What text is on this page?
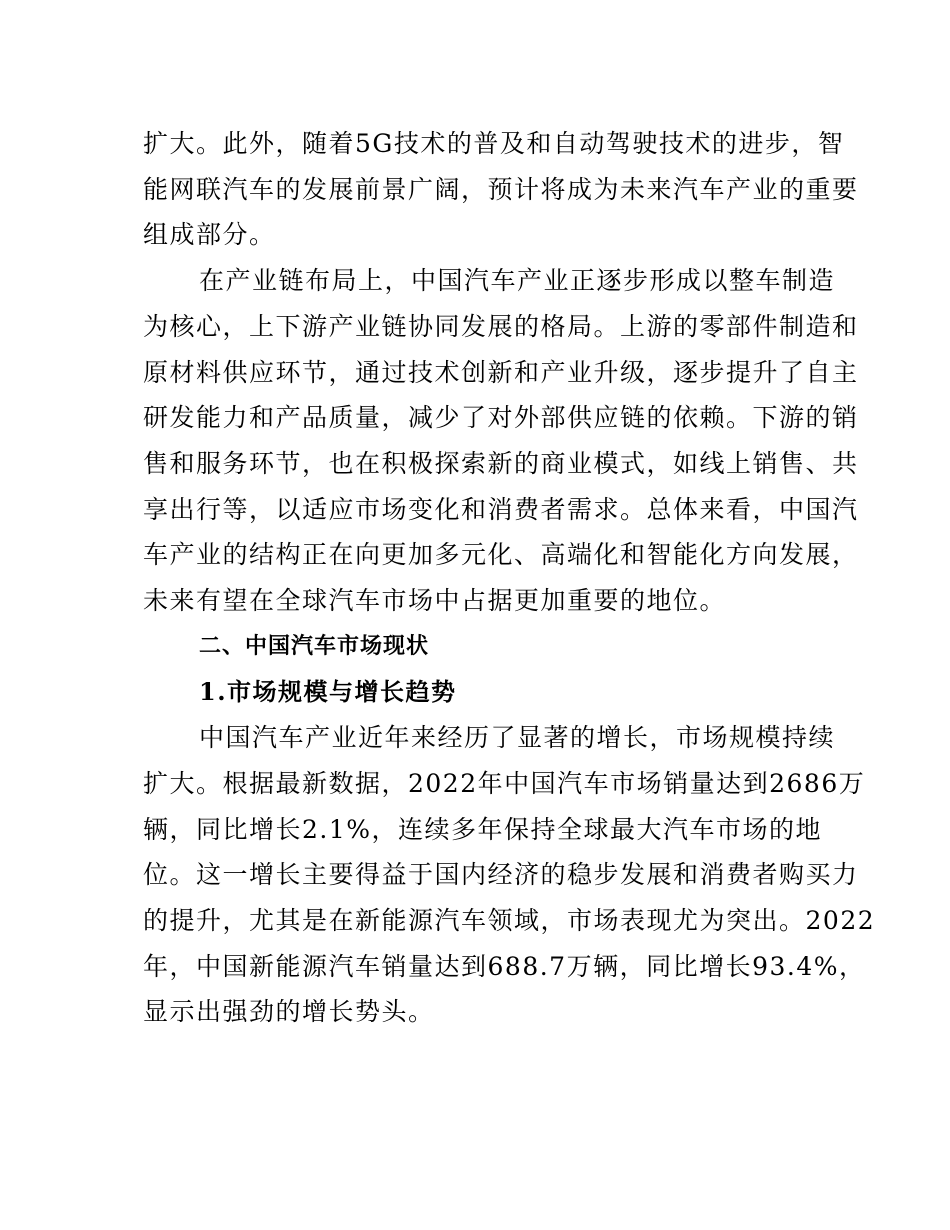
扩大。此外，随着5G技术的普及和自动驾驶技术的进步，智
能网联汽车的发展前景广阔，预计将成为未来汽车产业的重要
组成部分。
在产业链布局上，中国汽车产业正逐步形成以整车制造
为核心，上下游产业链协同发展的格局。上游的零部件制造和
原材料供应环节，通过技术创新和产业升级，逐步提升了自主
研发能力和产品质量，减少了对外部供应链的依赖。下游的销
售和服务环节，也在积极探索新的商业模式，如线上销售、共
享出行等，以适应市场变化和消费者需求。总体来看，中国汽
车产业的结构正在向更加多元化、高端化和智能化方向发展，
未来有望在全球汽车市场中占据更加重要的地位。
二、中国汽车市场现状
1.市场规模与增长趋势
中国汽车产业近年来经历了显著的增长，市场规模持续
扩大。根据最新数据，2022年中国汽车市场销量达到2686万
辆，同比增长2.1%，连续多年保持全球最大汽车市场的地
位。这一增长主要得益于国内经济的稳步发展和消费者购买力
的提升，尤其是在新能源汽车领域，市场表现尤为突出。2022
年，中国新能源汽车销量达到688.7万辆，同比增长93.4%，
显示出强劲的增长势头。
